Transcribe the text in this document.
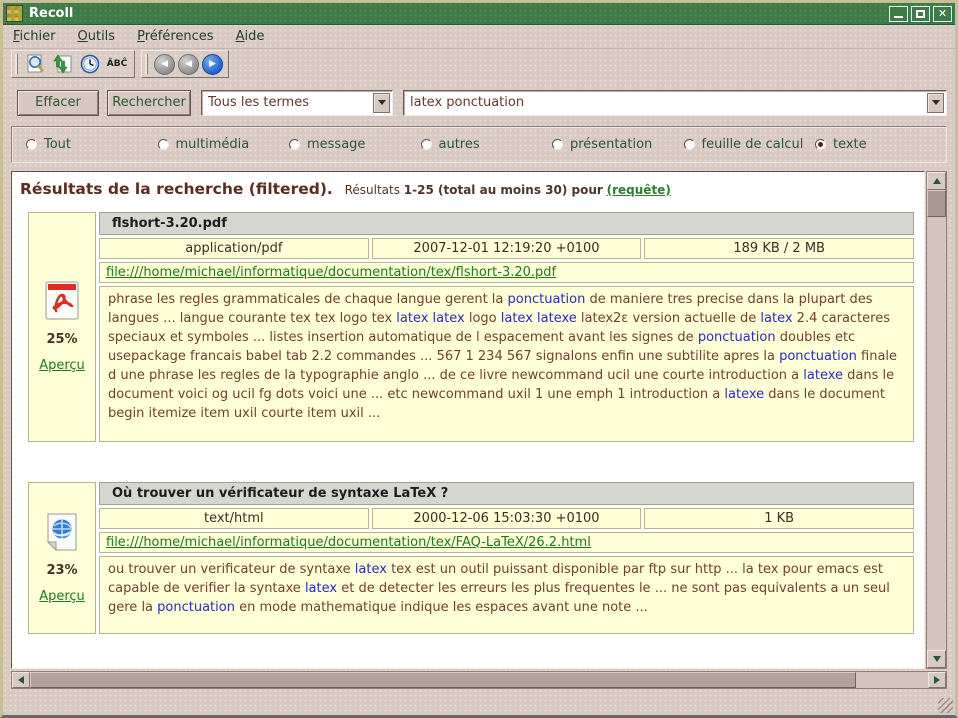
Recoll	✕
Fichier Outils Préférences Aide
ÂBĈ	◀ ◀ ▶
Effacer	Rechercher	Tous les termes	latex ponctuation
Tout	multimédia	message	autres	présentation	feuille de calcul texte
Résultats de la recherche (filtered). Résultats 1-25 (total au moins 30) pour (requête)
25%
Aperçu
flshort-3.20.pdf
application/pdf	2007-12-01 12:19:20 +0100	189 KB / 2 MB
file:///home/michael/informatique/documentation/tex/flshort-3.20.pdf
phrase les regles grammaticales de chaque langue gerent la ponctuation de maniere tres precise dans la plupart des langues ... langue courante tex tex logo tex latex latex logo latex latexe latex2ε version actuelle de latex 2.4 caracteres speciaux et symboles ... listes insertion automatique de l espacement avant les signes de ponctuation doubles etc usepackage francais babel tab 2.2 commandes ... 567 1 234 567 signalons enfin une subtilite apres la ponctuation finale d une phrase les regles de la typographie anglo ... de ce livre newcommand ucil une courte introduction a latexe dans le document voici og ucil fg dots voici une ... etc newcommand uxil 1 une emph 1 introduction a latexe dans le document begin itemize item uxil courte item uxil ...
23%
Aperçu
Où trouver un vérificateur de syntaxe LaTeX ?
text/html	2000-12-06 15:03:30 +0100	1 KB
file:///home/michael/informatique/documentation/tex/FAQ-LaTeX/26.2.html
ou trouver un verificateur de syntaxe latex tex est un outil puissant disponible par ftp sur http ... la tex pour emacs est capable de verifier la syntaxe latex et de detecter les erreurs les plus frequentes le ... ne sont pas equivalents a un seul gere la ponctuation en mode mathematique indique les espaces avant une note ...
